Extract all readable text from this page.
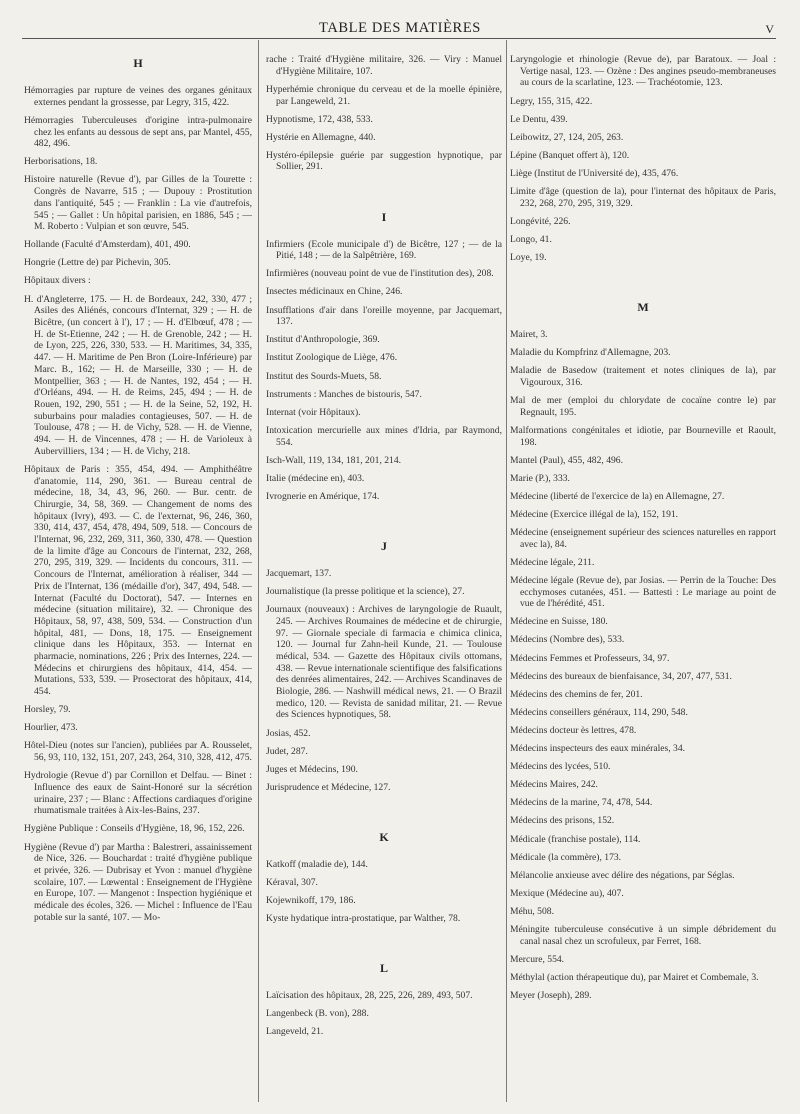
TABLE DES MATIÈRES	V
H

Hémorragies par rupture de veines des organes génitaux externes pendant la grossesse, par Legry, 315, 422.

Hémorragies Tuberculeuses d'origine intra-pulmonaire chez les enfants au dessous de sept ans, par Mantel, 455, 482, 496.

Herborisations, 18.

Histoire naturelle (Revue d'), par Gilles de la Tourette : Congrès de Navarre, 515 ; — Dupouy : Prostitution dans l'antiquité, 545 ; — Franklin : La vie d'autrefois, 545 ; — Gallet : Un hôpital parisien, en 1886, 545 ; — M. Roberto : Vulpian et son œuvre, 545.

Hollande (Faculté d'Amsterdam), 401, 490.

Hongrie (Lettre de) par Pichevin, 305.

Hôpitaux divers :

H. d'Angleterre, 175. — H. de Bordeaux, 242, 330, 477 ; Asiles des Aliénés, concours d'Internat, 329 ; — H. de Bicêtre, (un concert à l'), 17 ; — H. d'Elbœuf, 478 ; — H. de St-Etienne, 242 ; — H. de Grenoble, 242 ; — H. de Lyon, 225, 226, 330, 533. — H. Maritimes, 34, 335, 447. — H. Maritime de Pen Bron (Loire-Inférieure) par Marc. B., 162; — H. de Marseille, 330 ; — H. de Montpellier, 363 ; — H. de Nantes, 192, 454 ; — H. d'Orléans, 494. — H. de Reims, 245, 494 ; — H. de Rouen, 192, 290, 551 ; — H. de la Seine, 52, 192, H. suburbains pour maladies contagieuses, 507. — H. de Toulouse, 478 ; — H. de Vichy, 528. — H. de Vienne, 494. — H. de Vincennes, 478 ; — H. de Varioleux à Aubervilliers, 134 ; — H. de Vichy, 218.

Hôpitaux de Paris : 355, 454, 494. — Amphithéâtre d'anatomie, 114, 290, 361. — Bureau central de médecine, 18, 34, 43, 96, 260. — Bur. centr. de Chirurgie, 34, 58, 369. — Changement de noms des hôpitaux (Ivry), 493. — C. de l'externat, 96, 246, 360, 330, 414, 437, 454, 478, 494, 509, 518. — Concours de l'Internat, 96, 232, 269, 311, 360, 330, 478. — Question de la limite d'âge au Concours de l'internat, 232, 268, 270, 295, 319, 329. — Incidents du concours, 311. — Concours de l'Internat, amélioration à réaliser, 344 — Prix de l'Internat, 136 (médaille d'or), 347, 494, 548. — Internat (Faculté du Doctorat), 547. — Internes en médecine (situation militaire), 32. — Chronique des Hôpitaux, 58, 97, 438, 509, 534. — Construction d'un hôpital, 481, — Dons, 18, 175. — Enseignement clinique dans les Hôpitaux, 353. — Internat en pharmacie, nominations, 226 ; Prix des Internes, 224. — Médecins et chirurgiens des hôpitaux, 414, 454. — Mutations, 533, 539. — Prosectorat des hôpitaux, 414, 454.

Horsley, 79.

Hourlier, 473.

Hôtel-Dieu (notes sur l'ancien), publiées par A. Rousselet, 56, 93, 110, 132, 151, 207, 243, 264, 310, 328, 412, 475.

Hydrologie (Revue d') par Cornillon et Delfau. — Binet : Influence des eaux de Saint-Honoré sur la sécrétion urinaire, 237 ; — Blanc : Affections cardiaques d'origine rhumatismale traitées à Aix-les-Bains, 237.

Hygiène Publique : Conseils d'Hygiène, 18, 96, 152, 226.

Hygiène (Revue d') par Martha : Balestreri, assainissement de Nice, 326. — Bouchardat : traité d'hygiène publique et privée, 326. — Dubrisay et Yvon : manuel d'hygiène scolaire, 107. — Lœwental : Enseignement de l'Hygiène en Europe, 107. — Mangenot : Inspection hygiénique et médicale des écoles, 326. — Michel : Influence de l'Eau potable sur la santé, 107. — Mo-

rache : Traité d'Hygiène militaire, 326. — Viry : Manuel d'Hygiène Militaire, 107.

Hyperhémie chronique du cerveau et de la moelle épinière, par Langeweld, 21.

Hypnotisme, 172, 438, 533.

Hystérie en Allemagne, 440.

Hystéro-épilepsie guérie par suggestion hypnotique, par Sollier, 291.

I

Infirmiers (Ecole municipale d') de Bicêtre, 127 ; — de la Pitié, 148 ; — de la Salpêtrière, 169.

Infirmières (nouveau point de vue de l'institution des), 208.

Insectes médicinaux en Chine, 246.

Insufflations d'air dans l'oreille moyenne, par Jacquemart, 137.

Institut d'Anthropologie, 369.

Institut Zoologique de Liège, 476.

Institut des Sourds-Muets, 58.

Instruments : Manches de bistouris, 547.

Internat (voir Hôpitaux).

Intoxication mercurielle aux mines d'Idria, par Raymond, 554.

Isch-Wall, 119, 134, 181, 201, 214.

Italie (médecine en), 403.

Ivrognerie en Amérique, 174.

J

Jacquemart, 137.

Journalistique (la presse politique et la science), 27.

Journaux (nouveaux) : Archives de laryngologie de Ruault, 245. — Archives Roumaines de médecine et de chirurgie, 97. — Giornale speciale di farmacia e chimica clinica, 120. — Journal fur Zahn-heil Kunde, 21. — Toulouse médical, 534. — Gazette des Hôpitaux civils ottomans, 438. — Revue internationale scientifique des falsifications des denrées alimentaires, 242. — Archives Scandinaves de Biologie, 286. — Nashwill médical news, 21. — O Brazil medico, 120. — Revista de sanidad militar, 21. — Revue des Sciences hypnotiques, 58.

Josias, 452.

Judet, 287.

Juges et Médecins, 190.

Jurisprudence et Médecine, 127.

K

Katkoff (maladie de), 144.

Kéraval, 307.

Kojewnikoff, 179, 186.

Kyste hydatique intra-prostatique, par Walther, 78.

L

Laïcisation des hôpitaux, 28, 225, 226, 289, 493, 507.

Langenbeck (B. von), 288.

Langeveld, 21.

Laryngologie et rhinologie (Revue de), par Baratoux. — Joal : Vertige nasal, 123. — Ozène : Des angines pseudo-membraneuses au cours de la scarlatine, 123. — Trachéotomie, 123.

Legry, 155, 315, 422.

Le Dentu, 439.

Leibowitz, 27, 124, 205, 263.

Lépine (Banquet offert à), 120.

Liège (Institut de l'Université de), 435, 476.

Limite d'âge (question de la), pour l'internat des hôpitaux de Paris, 232, 268, 270, 295, 319, 329.

Longévité, 226.

Longo, 41.

Loye, 19.

M

Mairet, 3.

Maladie du Kompfrinz d'Allemagne, 203.

Maladie de Basedow (traitement et notes cliniques de la), par Vigouroux, 316.

Mal de mer (emploi du chlorydate de cocaïne contre le) par Regnault, 195.

Malformations congénitales et idiotie, par Bourneville et Raoult, 198.

Mantel (Paul), 455, 482, 496.

Marie (P.), 333.

Médecine (liberté de l'exercice de la) en Allemagne, 27.

Médecine (Exercice illégal de la), 152, 191.

Médecine (enseignement supérieur des sciences naturelles en rapport avec la), 84.

Médecine légale, 211.

Médecine légale (Revue de), par Josias. — Perrin de la Touche: Des ecchymoses cutanées, 451. — Battesti : Le mariage au point de vue de l'hérédité, 451.

Médecine en Suisse, 180.

Médecins (Nombre des), 533.

Médecins Femmes et Professeurs, 34, 97.

Médecins des bureaux de bienfaisance, 34, 207, 477, 531.

Médecins des chemins de fer, 201.

Médecins conseillers généraux, 114, 290, 548.

Médecins docteur ès lettres, 478.

Médecins inspecteurs des eaux minérales, 34.

Médecins des lycées, 510.

Médecins Maires, 242.

Médecins de la marine, 74, 478, 544.

Médecins des prisons, 152.

Médicale (franchise postale), 114.

Médicale (la commère), 173.

Mélancolie anxieuse avec délire des négations, par Séglas.

Mexique (Médecine au), 407.

Méhu, 508.

Méningite tuberculeuse consécutive à un simple débridement du canal nasal chez un scrofuleux, par Ferret, 168.

Mercure, 554.

Méthylal (action thérapeutique du), par Mairet et Combemale, 3.

Meyer (Joseph), 289.
